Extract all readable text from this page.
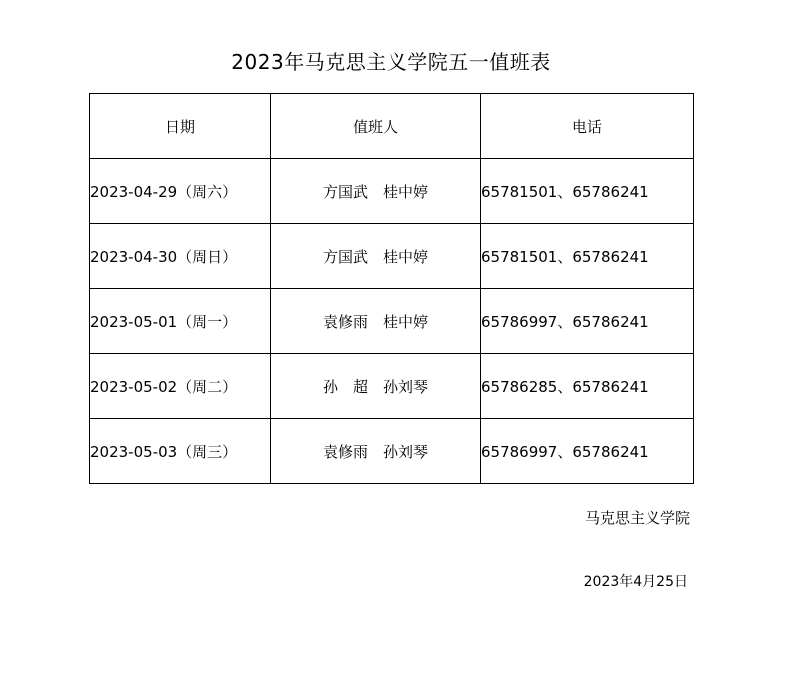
2023年马克思主义学院五一值班表
日期	值班人	电话
2023-04-29（周六）	方国武　桂中婷	65781501、65786241
2023-04-30（周日）	方国武　桂中婷	65781501、65786241
2023-05-01（周一）	袁修雨　桂中婷	65786997、65786241
2023-05-02（周二）	孙　超　孙刘琴	65786285、65786241
2023-05-03（周三）	袁修雨　孙刘琴	65786997、65786241
马克思主义学院
2023年4月25日
